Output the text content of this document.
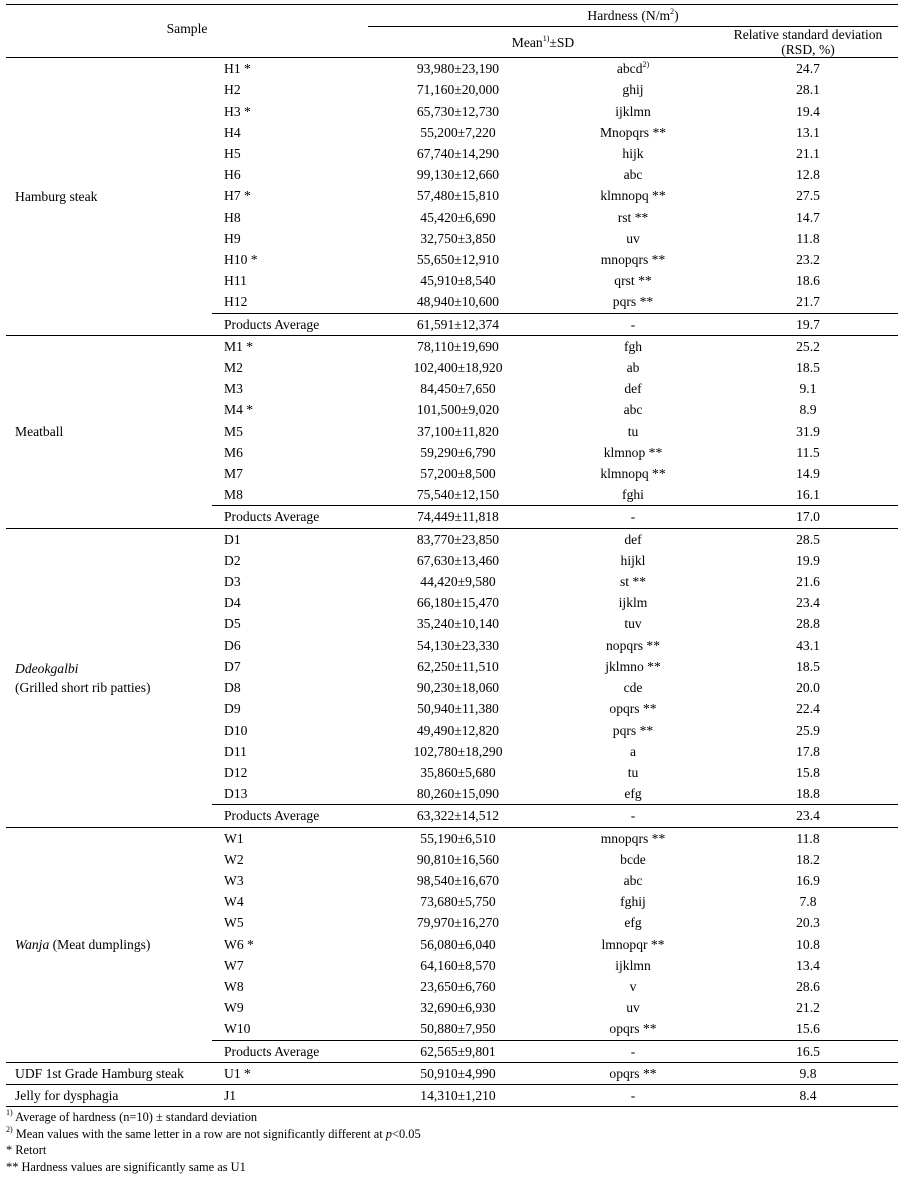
Sample		Hardness $(N/m^2)$		
		Mean$^{1)}$±SD		Relative standard deviation
(RSD, %)

Hamburg steak	H1 *	93,980±23,190	abcd$^{2)}$	24.7
	H2	71,160±20,000	ghij	28.1
	H3 *	65,730±12,730	ijklmn	19.4
	H4	55,200±7,220	Mnopqrs **	13.1
	H5	67,740±14,290	hijk	21.1
	H6	99,130±12,660	abc	12.8
	H7 *	57,480±15,810	klmnopq **	27.5
	H8	45,420±6,690	rst **	14.7
	H9	32,750±3,850	uv	11.8
	H10 *	55,650±12,910	mnopqrs **	23.2
	H11	45,910±8,540	qrst **	18.6
	H12	48,940±10,600	pqrs **	21.7
	Products Average	61,591±12,374	-	19.7
Meatball	M1 *	78,110±19,690	fgh	25.2
	M2	102,400±18,920	ab	18.5
	M3	84,450±7,650	def	9.1
	M4 *	101,500±9,020	abc	8.9
	M5	37,100±11,820	tu	31.9
	M6	59,290±6,790	klmnop **	11.5
	M7	57,200±8,500	klmnopq **	14.9
	M8	75,540±12,150	fghi	16.1
	Products Average	74,449±11,818	-	17.0
Ddeokgalbi
(Grilled short rib patties)	D1	83,770±23,850	def	28.5
	D2	67,630±13,460	hijkl	19.9
	D3	44,420±9,580	st **	21.6
	D4	66,180±15,470	ijklm	23.4
	D5	35,240±10,140	tuv	28.8
	D6	54,130±23,330	nopqrs **	43.1
	D7	62,250±11,510	jklmno **	18.5
	D8	90,230±18,060	cde	20.0
	D9	50,940±11,380	opqrs **	22.4
	D10	49,490±12,820	pqrs **	25.9
	D11	102,780±18,290	a	17.8
	D12	35,860±5,680	tu	15.8
	D13	80,260±15,090	efg	18.8
	Products Average	63,322±14,512	-	23.4
Wanja (Meat dumplings)	W1	55,190±6,510	mnopqrs **	11.8
	W2	90,810±16,560	bcde	18.2
	W3	98,540±16,670	abc	16.9
	W4	73,680±5,750	fghij	7.8
	W5	79,970±16,270	efg	20.3
	W6 *	56,080±6,040	lmnopqr **	10.8
	W7	64,160±8,570	ijklmn	13.4
	W8	23,650±6,760	v	28.6
	W9	32,690±6,930	uv	21.2
	W10	50,880±7,950	opqrs **	15.6
	Products Average	62,565±9,801	-	16.5
UDF 1st Grade Hamburg steak	U1 *	50,910±4,990	opqrs **	9.8
Jelly for dysphagia	J1	14,310±1,210	-	8.4
$^{1)}$ Average of hardness (n=10) ± standard deviation
$^{2)}$ Mean values with the same letter in a row are not significantly different at p<0.05
* Retort
** Hardness values are significantly same as U1
